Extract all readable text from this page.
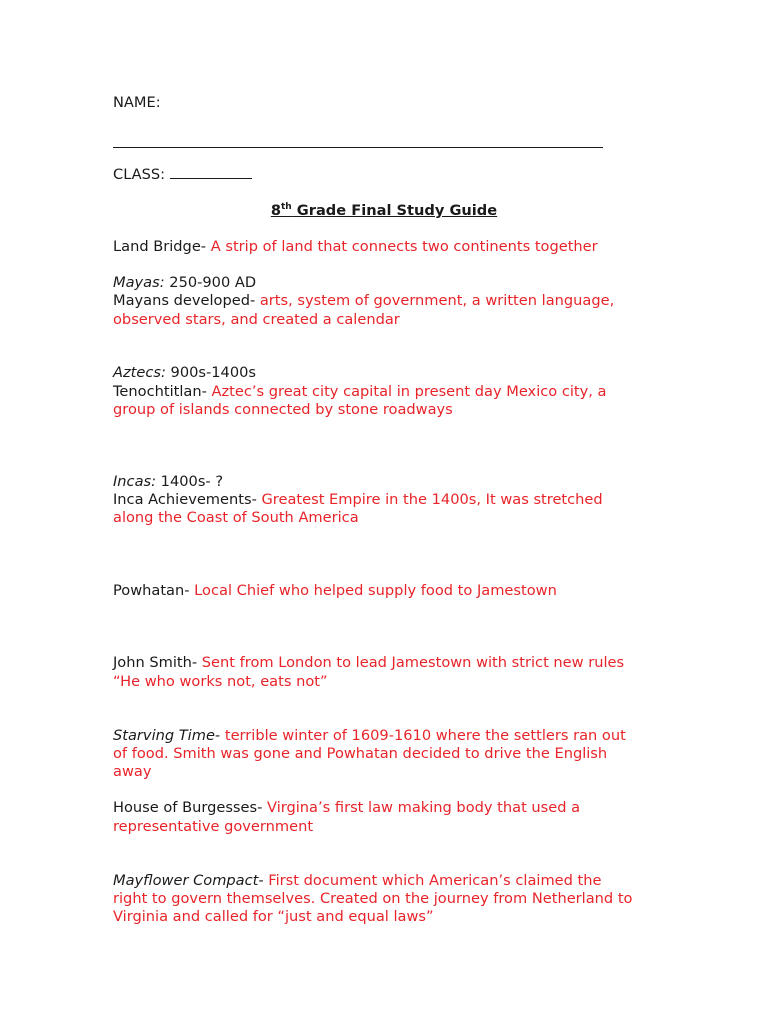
NAME:
CLASS:
8th Grade Final Study Guide
Land Bridge- A strip of land that connects two continents together
Mayas: 250-900 AD
Mayans developed- arts, system of government, a written language,
observed stars, and created a calendar
Aztecs: 900s-1400s
Tenochtitlan- Aztec’s great city capital in present day Mexico city, a
group of islands connected by stone roadways
Incas: 1400s- ?
Inca Achievements- Greatest Empire in the 1400s, It was stretched
along the Coast of South America
Powhatan- Local Chief who helped supply food to Jamestown
John Smith- Sent from London to lead Jamestown with strict new rules
“He who works not, eats not”
Starving Time- terrible winter of 1609-1610 where the settlers ran out
of food. Smith was gone and Powhatan decided to drive the English
away
House of Burgesses- Virgina’s first law making body that used a
representative government
Mayflower Compact- First document which American’s claimed the
right to govern themselves. Created on the journey from Netherland to
Virginia and called for “just and equal laws”
